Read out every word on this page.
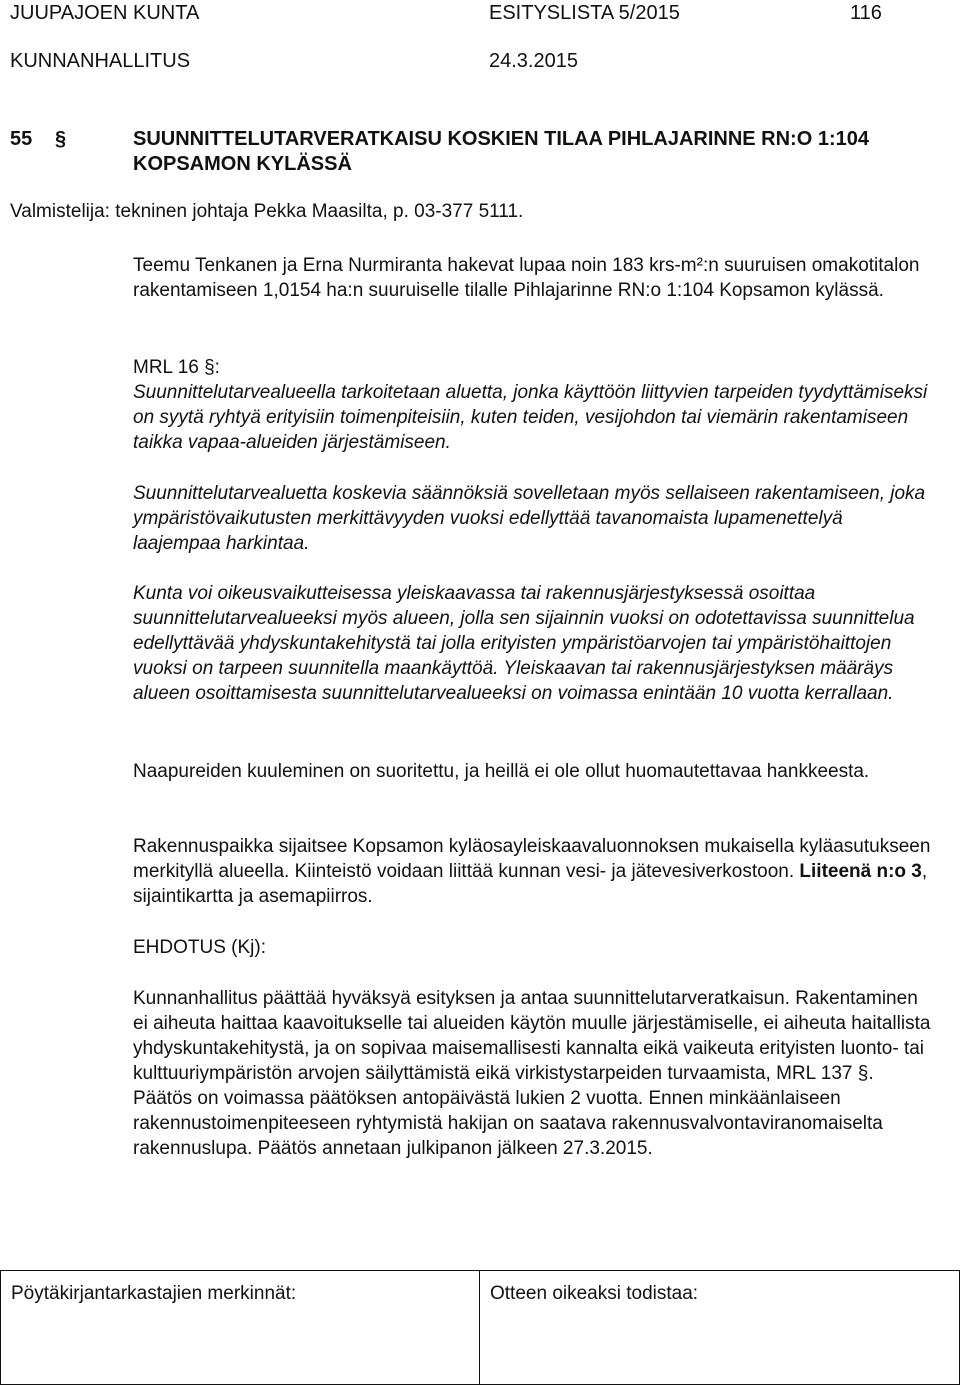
JUUPAJOEN KUNTA	ESITYSLISTA 5/2015	116
KUNNANHALLITUS	24.3.2015
55 §	SUUNNITTELUTARVERATKAISU KOSKIEN TILAA PIHLAJARINNE RN:O 1:104
KOPSAMON KYLÄSSÄ
Valmistelija: tekninen johtaja Pekka Maasilta, p. 03-377 5111.

Teemu Tenkanen ja Erna Nurmiranta hakevat lupaa noin 183 krs-m²:n suuruisen omakotitalon rakentamiseen 1,0154 ha:n suuruiselle tilalle Pihlajarinne RN:o 1:104 Kopsamon kylässä.

MRL 16 §:

Suunnittelutarvealueella tarkoitetaan aluetta, jonka käyttöön liittyvien tarpeiden tyydyttämiseksi on syytä ryhtyä erityisiin toimenpiteisiin, kuten teiden, vesijohdon tai viemärin rakentamiseen taikka vapaa-alueiden järjestämiseen.

Suunnittelutarvealuetta koskevia säännöksiä sovelletaan myös sellaiseen rakentamiseen, joka ympäristövaikutusten merkittävyyden vuoksi edellyttää tavanomaista lupamenettelyä laajempaa harkintaa.

Kunta voi oikeusvaikutteisessa yleiskaavassa tai rakennusjärjestyksessä osoittaa suunnittelutarvealueeksi myös alueen, jolla sen sijainnin vuoksi on odotettavissa suunnittelua edellyttävää yhdyskuntakehitystä tai jolla erityisten ympäristöarvojen tai ympäristöhaittojen vuoksi on tarpeen suunnitella maankäyttöä. Yleiskaavan tai rakennusjärjestyksen määräys alueen osoittamisesta suunnittelutarvealueeksi on voimassa enintään 10 vuotta kerrallaan.

Naapureiden kuuleminen on suoritettu, ja heillä ei ole ollut huomautettavaa hankkeesta.

Rakennuspaikka sijaitsee Kopsamon kyläosayleiskaavaluonnoksen mukaisella kyläasutukseen merkityllä alueella. Kiinteistö voidaan liittää kunnan vesi- ja jätevesiverkostoon. Liiteenä n:o 3, sijaintikartta ja asemapiirros.

EHDOTUS (Kj):

Kunnanhallitus päättää hyväksyä esityksen ja antaa suunnittelutarveratkaisun. Rakentaminen ei aiheuta haittaa kaavoitukselle tai alueiden käytön muulle järjestämiselle, ei aiheuta haitallista yhdyskuntakehitystä, ja on sopivaa maisemallisesti kannalta eikä vaikeuta erityisten luonto- tai kulttuuriympäristön arvojen säilyttämistä eikä virkistystarpeiden turvaamista, MRL 137 §. Päätös on voimassa päätöksen antopäivästä lukien 2 vuotta. Ennen minkäänlaiseen rakennustoimenpiteeseen ryhtymistä hakijan on saatava rakennusvalvontaviranomaiselta rakennuslupa. Päätös annetaan julkipanon jälkeen 27.3.2015.

Pöytäkirjantarkastajien merkinnät:	Otteen oikeaksi todistaa:
